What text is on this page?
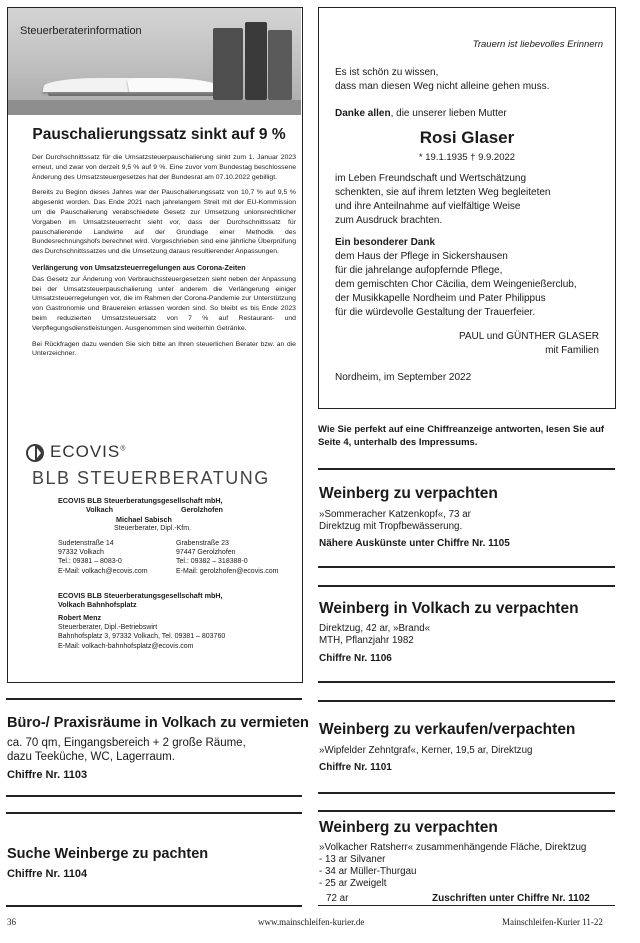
Steuerberaterinformation
Pauschalierungssatz sinkt auf 9 %

Der Durchschnittssatz für die Umsatzsteuerpauschalierung sinkt zum 1. Januar 2023 erneut, und zwar von derzeit 9,5 % auf 9 %. Eine zuvor vom Bundestag beschlossene Änderung des Umsatzsteuergesetzes hat der Bundesrat am 07.10.2022 gebilligt.

Bereits zu Beginn dieses Jahres war der Pauschalierungssatz von 10,7 % auf 9,5 % abgesenkt worden. Das Ende 2021 nach jahrelangem Streit mit der EU-Kommission um die Pauschalierung verabschiedete Gesetz zur Umsetzung unionsrechtlicher Vorgaben im Umsatzsteuerrecht sieht vor, dass der Durchschnittssatz für pauschalierende Landwirte auf der Grundlage einer Methodik des Bundesrechnungshofs berechnet wird. Vorgeschrieben sind eine jährliche Überprüfung des Durchschnittssatzes und die Umsetzung daraus resultierender Anpassungen.

Verlängerung von Umsatzsteuerregelungen aus Corona-Zeiten

Das Gesetz zur Änderung von Verbrauchssteuergesetzen sieht neben der Anpassung bei der Umsatzsteuerpauschalierung unter anderem die Verlängerung einiger Umsatzsteuerregelungen vor, die im Rahmen der Corona-Pandemie zur Unterstützung von Gastronomie und Brauereien erlassen worden sind. So bleibt es bis Ende 2023 beim reduzierten Umsatzsteuersatz von 7 % auf Restaurant- und Verpflegungsdienstleistungen. Ausgenommen sind weiterhin Getränke.

Bei Rückfragen dazu wenden Sie sich bitte an Ihren steuerlichen Berater bzw. an die Unterzeichner.

ECOVIS®
BLB STEUERBERATUNG
ECOVIS BLB Steuerberatungsgesellschaft mbH,
Volkach	Gerolzhofen
Michael Sabisch
Steuerberater, Dipl.-Kfm.
Sudetenstraße 14
97332 Volkach
Tel.: 09381 – 8083-0
E-Mail: volkach@ecovis.com
Grabenstraße 23
97447 Gerolzhofen
Tel.: 09382 – 318388-0
E-Mail: gerolzhofen@ecovis.com
ECOVIS BLB Steuerberatungsgesellschaft mbH,
Volkach Bahnhofsplatz
Robert Menz
Steuerberater, Dipl.-Betriebswirt
Bahnhofsplatz 3, 97332 Volkach, Tel. 09381 – 803760
E-Mail: volkach-bahnhofsplatz@ecovis.com
Trauern ist liebevolles Erinnern
Es ist schön zu wissen,
dass man diesen Weg nicht alleine gehen muss.
Danke allen, die unserer lieben Mutter
Rosi Glaser
* 19.1.1935 † 9.9.2022
im Leben Freundschaft und Wertschätzung
schenkten, sie auf ihrem letzten Weg begleiteten
und ihre Anteilnahme auf vielfältige Weise
zum Ausdruck brachten.
Ein besonderer Dank
dem Haus der Pflege in Sickershausen
für die jahrelange aufopfernde Pflege,
dem gemischten Chor Cäcilia, dem Weingenießerclub,
der Musikkapelle Nordheim und Pater Philippus
für die würdevolle Gestaltung der Trauerfeier.
PAUL und GÜNTHER GLASER
mit Familien
Nordheim, im September 2022
Wie Sie perfekt auf eine Chiffreanzeige antworten, lesen Sie auf Seite 4, unterhalb des Impressums.
Weinberg zu verpachten
»Sommeracher Katzenkopf«, 73 ar
Direktzug mit Tropfbewässerung.
Nähere Auskünste unter Chiffre Nr. 1105
Weinberg in Volkach zu verpachten
Direktzug, 42 ar, »Brand«
MTH, Pflanzjahr 1982
Chiffre Nr. 1106
Weinberg zu verkaufen/verpachten
»Wipfelder Zehntgraf«, Kerner, 19,5 ar, Direktzug
Chiffre Nr. 1101
Weinberg zu verpachten
»Volkacher Ratsherr« zusammenhängende Fläche, Direktzug
- 13 ar Silvaner
- 34 ar Müller-Thurgau
- 25 ar Zweigelt
72 ar	Zuschriften unter Chiffre Nr. 1102
Büro-/ Praxisräume in Volkach zu vermieten
ca. 70 qm, Eingangsbereich + 2 große Räume,
dazu Teeküche, WC, Lagerraum.
Chiffre Nr. 1103
Suche Weinberge zu pachten
Chiffre Nr. 1104
36	www.mainschleifen-kurier.de	Mainschleifen-Kurier 11-22
